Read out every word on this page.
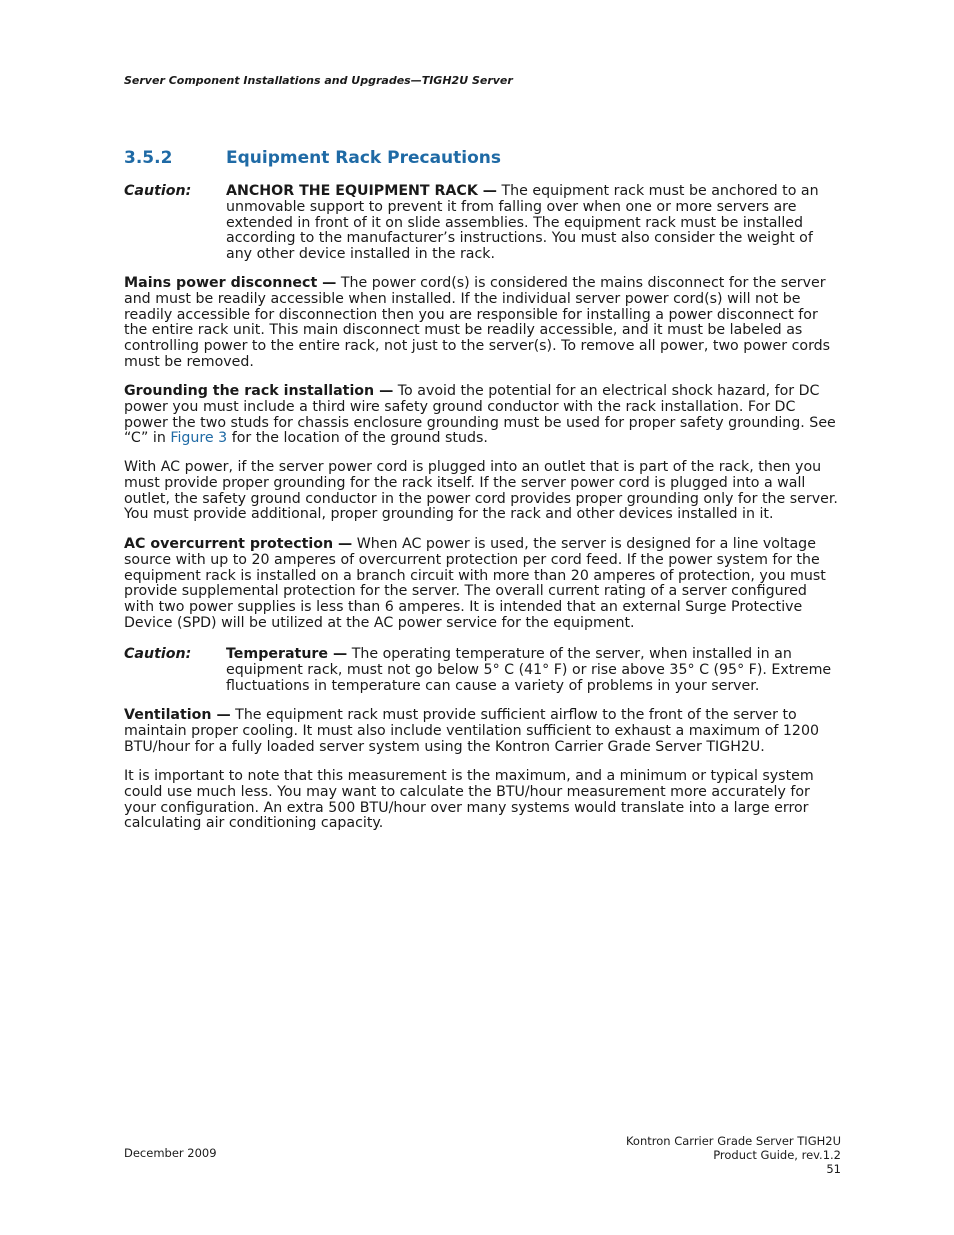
Server Component Installations and Upgrades—TIGH2U Server
3.5.2	Equipment Rack Precautions
Caution:	ANCHOR THE EQUIPMENT RACK — The equipment rack must be anchored to an unmovable support to prevent it from falling over when one or more servers are extended in front of it on slide assemblies. The equipment rack must be installed according to the manufacturer’s instructions. You must also consider the weight of any other device installed in the rack.

Mains power disconnect — The power cord(s) is considered the mains disconnect for the server and must be readily accessible when installed. If the individual server power cord(s) will not be readily accessible for disconnection then you are responsible for installing a power disconnect for the entire rack unit. This main disconnect must be readily accessible, and it must be labeled as controlling power to the entire rack, not just to the server(s). To remove all power, two power cords must be removed.

Grounding the rack installation — To avoid the potential for an electrical shock hazard, for DC power you must include a third wire safety ground conductor with the rack installation. For DC power the two studs for chassis enclosure grounding must be used for proper safety grounding. See “C” in Figure 3 for the location of the ground studs.

With AC power, if the server power cord is plugged into an outlet that is part of the rack, then you must provide proper grounding for the rack itself. If the server power cord is plugged into a wall outlet, the safety ground conductor in the power cord provides proper grounding only for the server. You must provide additional, proper grounding for the rack and other devices installed in it.

AC overcurrent protection — When AC power is used, the server is designed for a line voltage source with up to 20 amperes of overcurrent protection per cord feed. If the power system for the equipment rack is installed on a branch circuit with more than 20 amperes of protection, you must provide supplemental protection for the server. The overall current rating of a server configured with two power supplies is less than 6 amperes. It is intended that an external Surge Protective Device (SPD) will be utilized at the AC power service for the equipment.

Caution:	Temperature — The operating temperature of the server, when installed in an equipment rack, must not go below 5° C (41° F) or rise above 35° C (95° F). Extreme fluctuations in temperature can cause a variety of problems in your server.

Ventilation — The equipment rack must provide sufficient airflow to the front of the server to maintain proper cooling. It must also include ventilation sufficient to exhaust a maximum of 1200 BTU/hour for a fully loaded server system using the Kontron Carrier Grade Server TIGH2U.

It is important to note that this measurement is the maximum, and a minimum or typical system could use much less. You may want to calculate the BTU/hour measurement more accurately for your configuration. An extra 500 BTU/hour over many systems would translate into a large error calculating air conditioning capacity.

December 2009
Kontron Carrier Grade Server TIGH2U
Product Guide, rev.1.2
51
